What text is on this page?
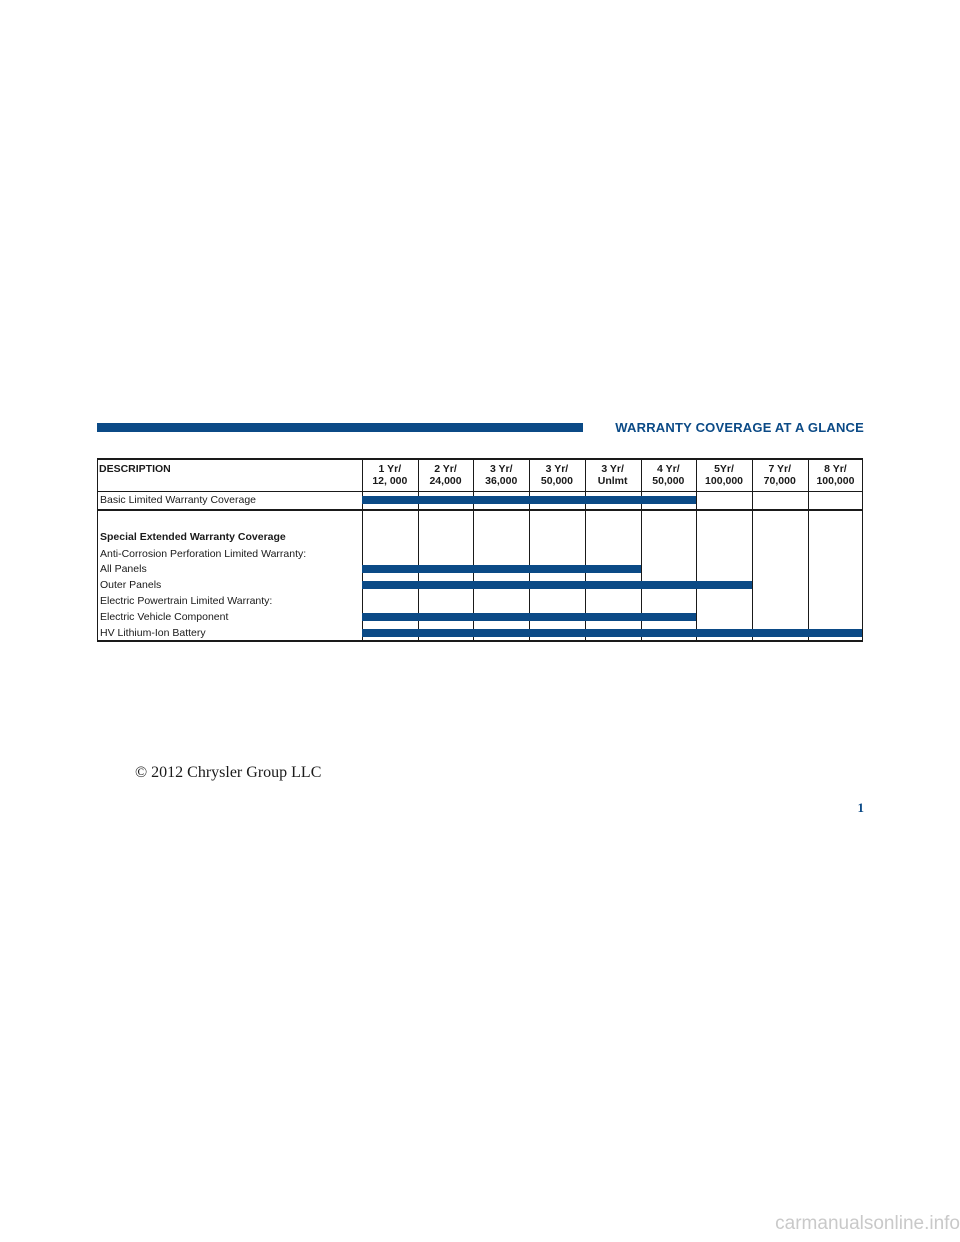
WARRANTY COVERAGE AT A GLANCE
DESCRIPTION
Basic Limited Warranty Coverage
Special Extended Warranty Coverage
Anti-Corrosion Perforation Limited Warranty:
All Panels
Outer Panels
Electric Powertrain Limited Warranty:
Electric Vehicle Component
HV Lithium-Ion Battery
1 Yr/
12, 000
2 Yr/
24,000
3 Yr/
36,000
3 Yr/
50,000
3 Yr/
Unlmt
4 Yr/
50,000
5Yr/
100,000
7 Yr/
70,000
8 Yr/
100,000
© 2012 Chrysler Group LLC
1
carmanualsonline.info
